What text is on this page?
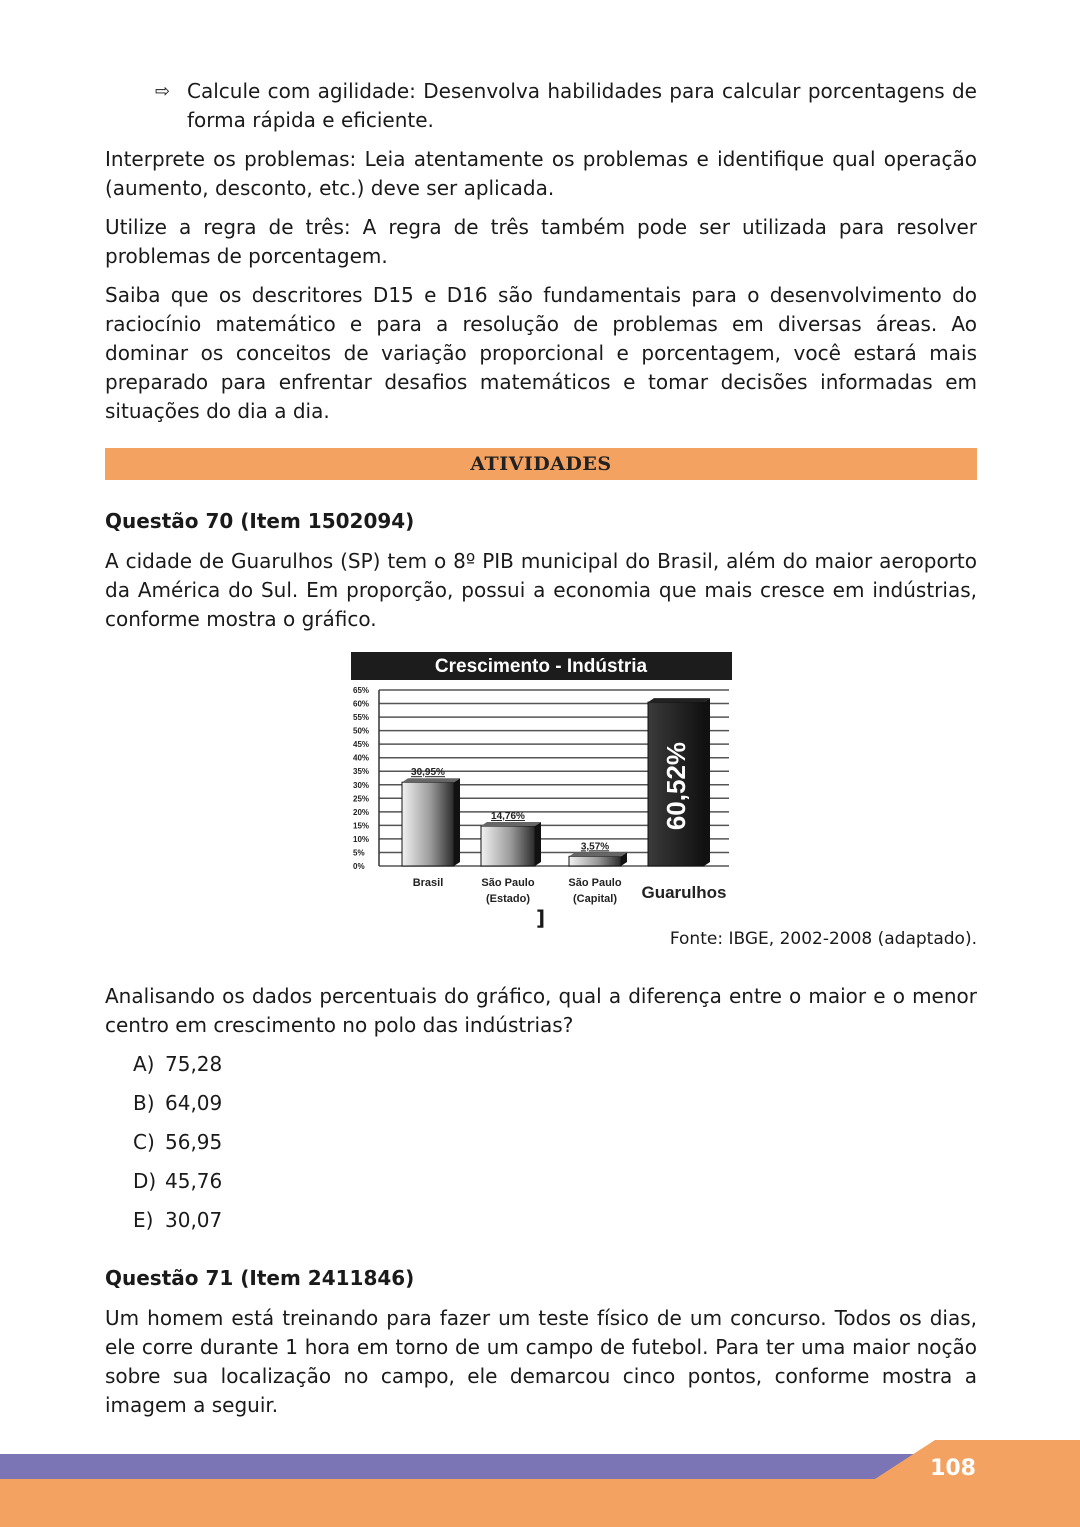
⇨ Calcule com agilidade: Desenvolva habilidades para calcular porcentagens de forma rápida e eficiente.

Interprete os problemas: Leia atentamente os problemas e identifique qual operação (aumento, desconto, etc.) deve ser aplicada.

Utilize a regra de três: A regra de três também pode ser utilizada para resolver problemas de porcentagem.

Saiba que os descritores D15 e D16 são fundamentais para o desenvolvimento do raciocínio matemático e para a resolução de problemas em diversas áreas. Ao dominar os conceitos de variação proporcional e porcentagem, você estará mais preparado para enfrentar desafios matemáticos e tomar decisões informadas em situações do dia a dia.

ATIVIDADES

Questão 70 (Item 1502094)

A cidade de Guarulhos (SP) tem o 8º PIB municipal do Brasil, além do maior aeroporto da América do Sul. Em proporção, possui a economia que mais cresce em indústrias, conforme mostra o gráfico.

Crescimento - Indústria
0%
5%
10%
15%
20%
25%
30%
35%
40%
45%
50%
55%
60%
65%
30,95%
Brasil
14,76%
São Paulo
(Estado)
3,57%
São Paulo
(Capital)
60,52%
Guarulhos
]
Fonte: IBGE, 2002-2008 (adaptado).

Analisando os dados percentuais do gráfico, qual a diferença entre o maior e o menor centro em crescimento no polo das indústrias?

A) 75,28
B) 64,09
C) 56,95
D) 45,76
E) 30,07

Questão 71 (Item 2411846)

Um homem está treinando para fazer um teste físico de um concurso. Todos os dias, ele corre durante 1 hora em torno de um campo de futebol. Para ter uma maior noção sobre sua localização no campo, ele demarcou cinco pontos, conforme mostra a imagem a seguir.

108
